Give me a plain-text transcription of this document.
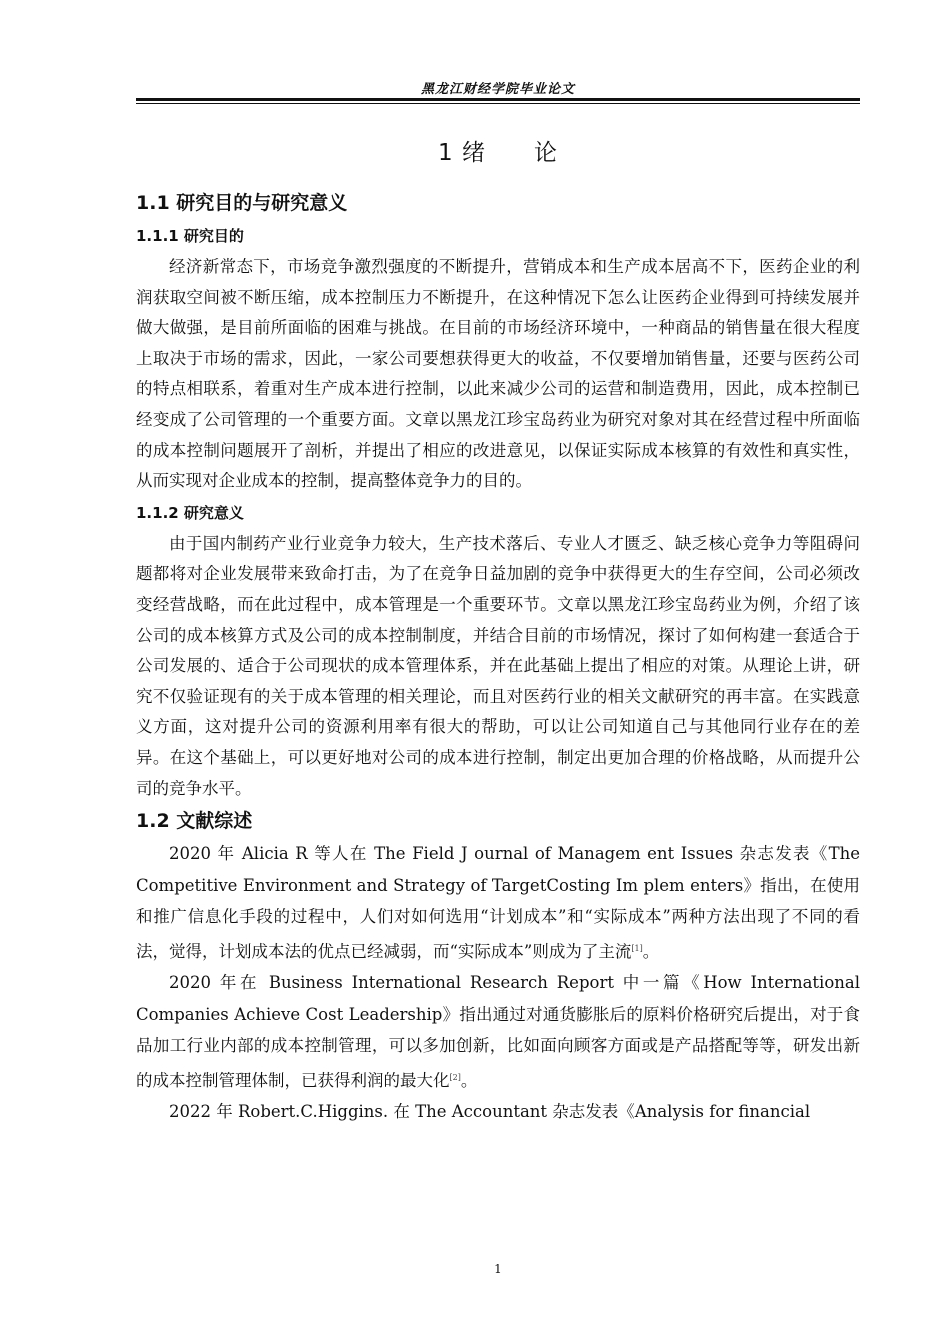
黑龙江财经学院毕业论文
1 绪 论
1.1 研究目的与研究意义
1.1.1 研究目的

经济新常态下，市场竞争激烈强度的不断提升，营销成本和生产成本居高不下，医药企业的利润获取空间被不断压缩，成本控制压力不断提升，在这种情况下怎么让医药企业得到可持续发展并做大做强，是目前所面临的困难与挑战。在目前的市场经济环境中，一种商品的销售量在很大程度上取决于市场的需求，因此，一家公司要想获得更大的收益，不仅要增加销售量，还要与医药公司的特点相联系，着重对生产成本进行控制，以此来减少公司的运营和制造费用，因此，成本控制已经变成了公司管理的一个重要方面。文章以黑龙江珍宝岛药业为研究对象对其在经营过程中所面临的成本控制问题展开了剖析，并提出了相应的改进意见，以保证实际成本核算的有效性和真实性，从而实现对企业成本的控制，提高整体竞争力的目的。

1.1.2 研究意义

由于国内制药产业行业竞争力较大，生产技术落后、专业人才匮乏、缺乏核心竞争力等阻碍问题都将对企业发展带来致命打击，为了在竞争日益加剧的竞争中获得更大的生存空间，公司必须改变经营战略，而在此过程中，成本管理是一个重要环节。文章以黑龙江珍宝岛药业为例，介绍了该公司的成本核算方式及公司的成本控制制度，并结合目前的市场情况，探讨了如何构建一套适合于公司发展的、适合于公司现状的成本管理体系，并在此基础上提出了相应的对策。从理论上讲，研究不仅验证现有的关于成本管理的相关理论，而且对医药行业的相关文献研究的再丰富。在实践意义方面，这对提升公司的资源利用率有很大的帮助，可以让公司知道自己与其他同行业存在的差异。在这个基础上，可以更好地对公司的成本进行控制，制定出更加合理的价格战略，从而提升公司的竞争水平。

1.2 文献综述

2020 年 Alicia R 等人在 The Field J ournal of Managem ent Issues 杂志发表《The Competitive Environment and Strategy of TargetCosting Im plem enters》指出，在使用和推广信息化手段的过程中，人们对如何选用“计划成本”和“实际成本”两种方法出现了不同的看法，觉得，计划成本法的优点已经减弱，而“实际成本”则成为了主流[1]。

2020 年在 Business International Research Report 中一篇《How International Companies Achieve Cost Leadership》指出通过对通货膨胀后的原料价格研究后提出，对于食品加工行业内部的成本控制管理，可以多加创新，比如面向顾客方面或是产品搭配等等，研发出新的成本控制管理体制，已获得利润的最大化[2]。

2022 年 Robert.C.Higgins. 在 The Accountant 杂志发表《Analysis for financial

1
